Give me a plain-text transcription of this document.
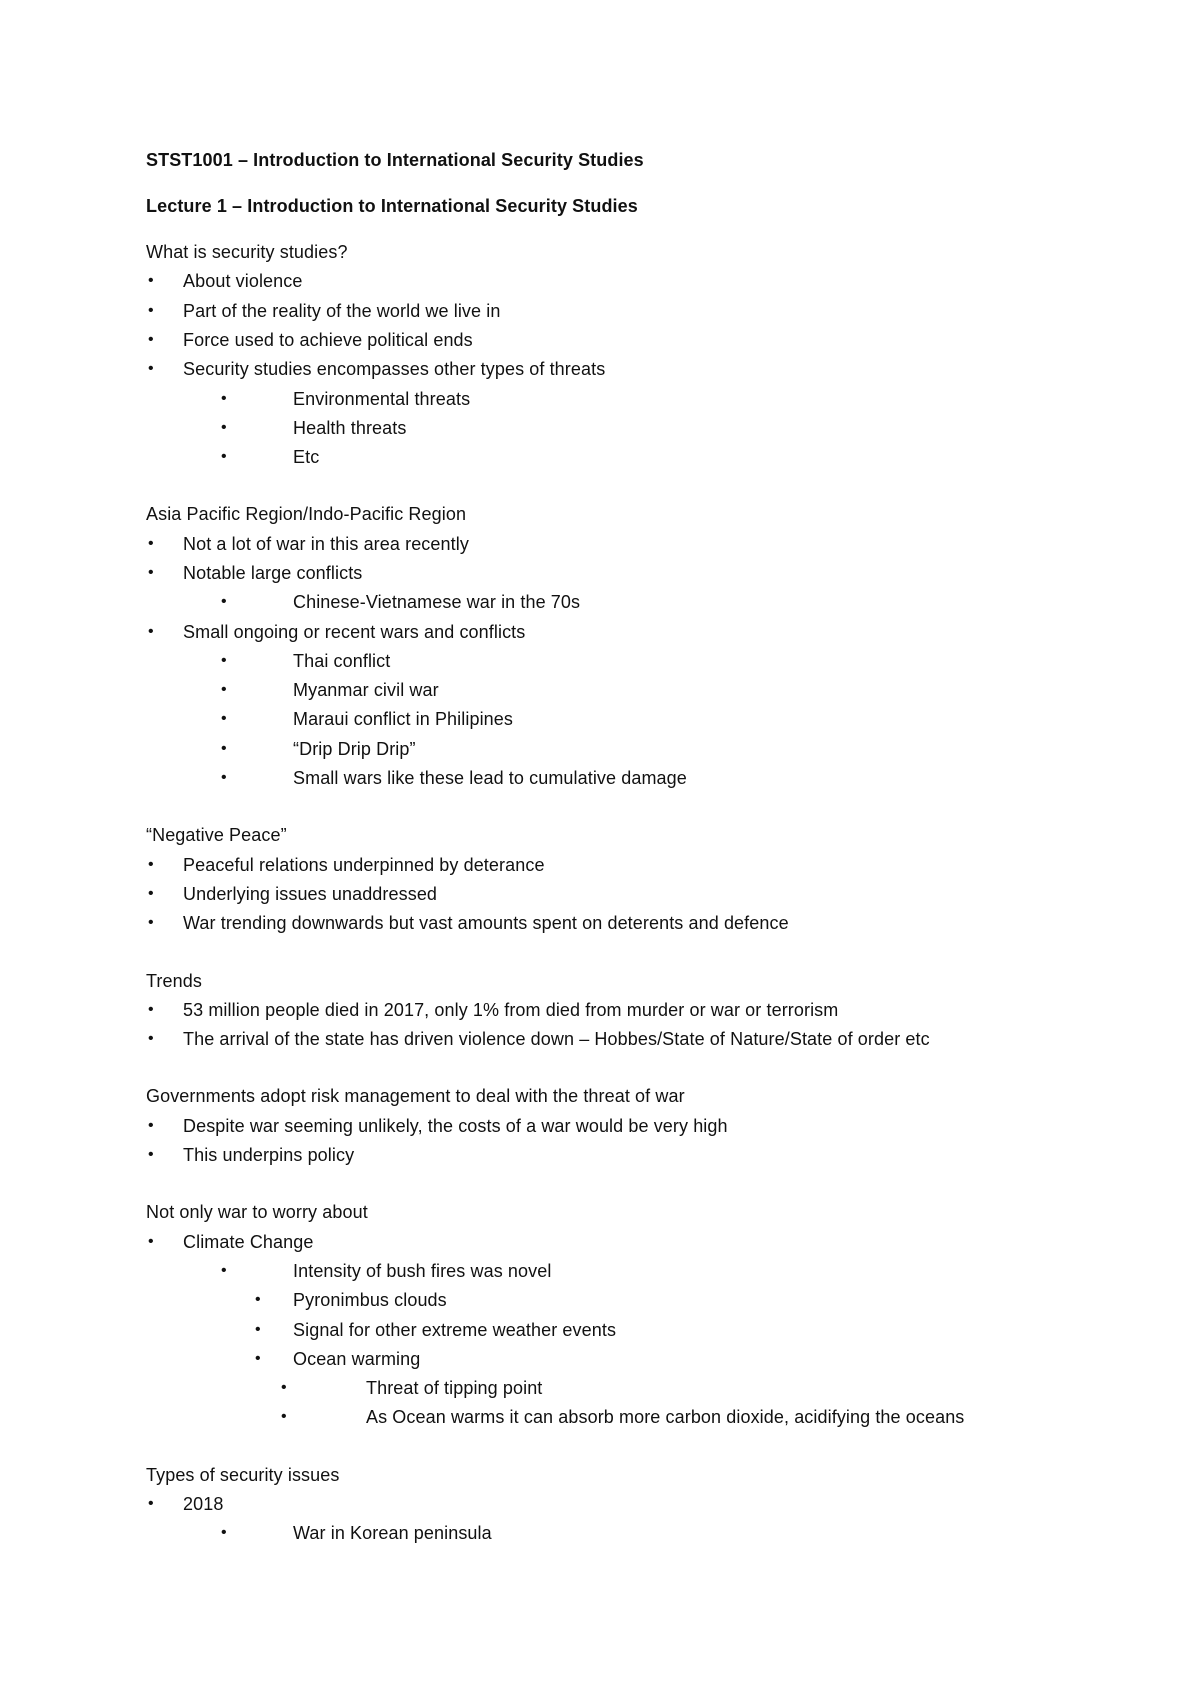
STST1001 – Introduction to International Security Studies
Lecture 1 – Introduction to International Security Studies
What is security studies?
• About violence
• Part of the reality of the world we live in
• Force used to achieve political ends
• Security studies encompasses other types of threats
•	Environmental threats
•	Health threats
•	Etc
Asia Pacific Region/Indo-Pacific Region
• Not a lot of war in this area recently
• Notable large conflicts
•	Chinese-Vietnamese war in the 70s
• Small ongoing or recent wars and conflicts
•	Thai conflict
•	Myanmar civil war
•	Maraui conflict in Philipines
•	“Drip Drip Drip”
•	Small wars like these lead to cumulative damage
“Negative Peace”
• Peaceful relations underpinned by deterance
• Underlying issues unaddressed
• War trending downwards but vast amounts spent on deterents and defence
Trends
• 53 million people died in 2017, only 1% from died from murder or war or terrorism
• The arrival of the state has driven violence down – Hobbes/State of Nature/State of order etc
Governments adopt risk management to deal with the threat of war
• Despite war seeming unlikely, the costs of a war would be very high
• This underpins policy
Not only war to worry about
• Climate Change
•	Intensity of bush fires was novel
• Pyronimbus clouds
• Signal for other extreme weather events
• Ocean warming
•	Threat of tipping point
•	As Ocean warms it can absorb more carbon dioxide, acidifying the oceans
Types of security issues
• 2018
•	War in Korean peninsula
